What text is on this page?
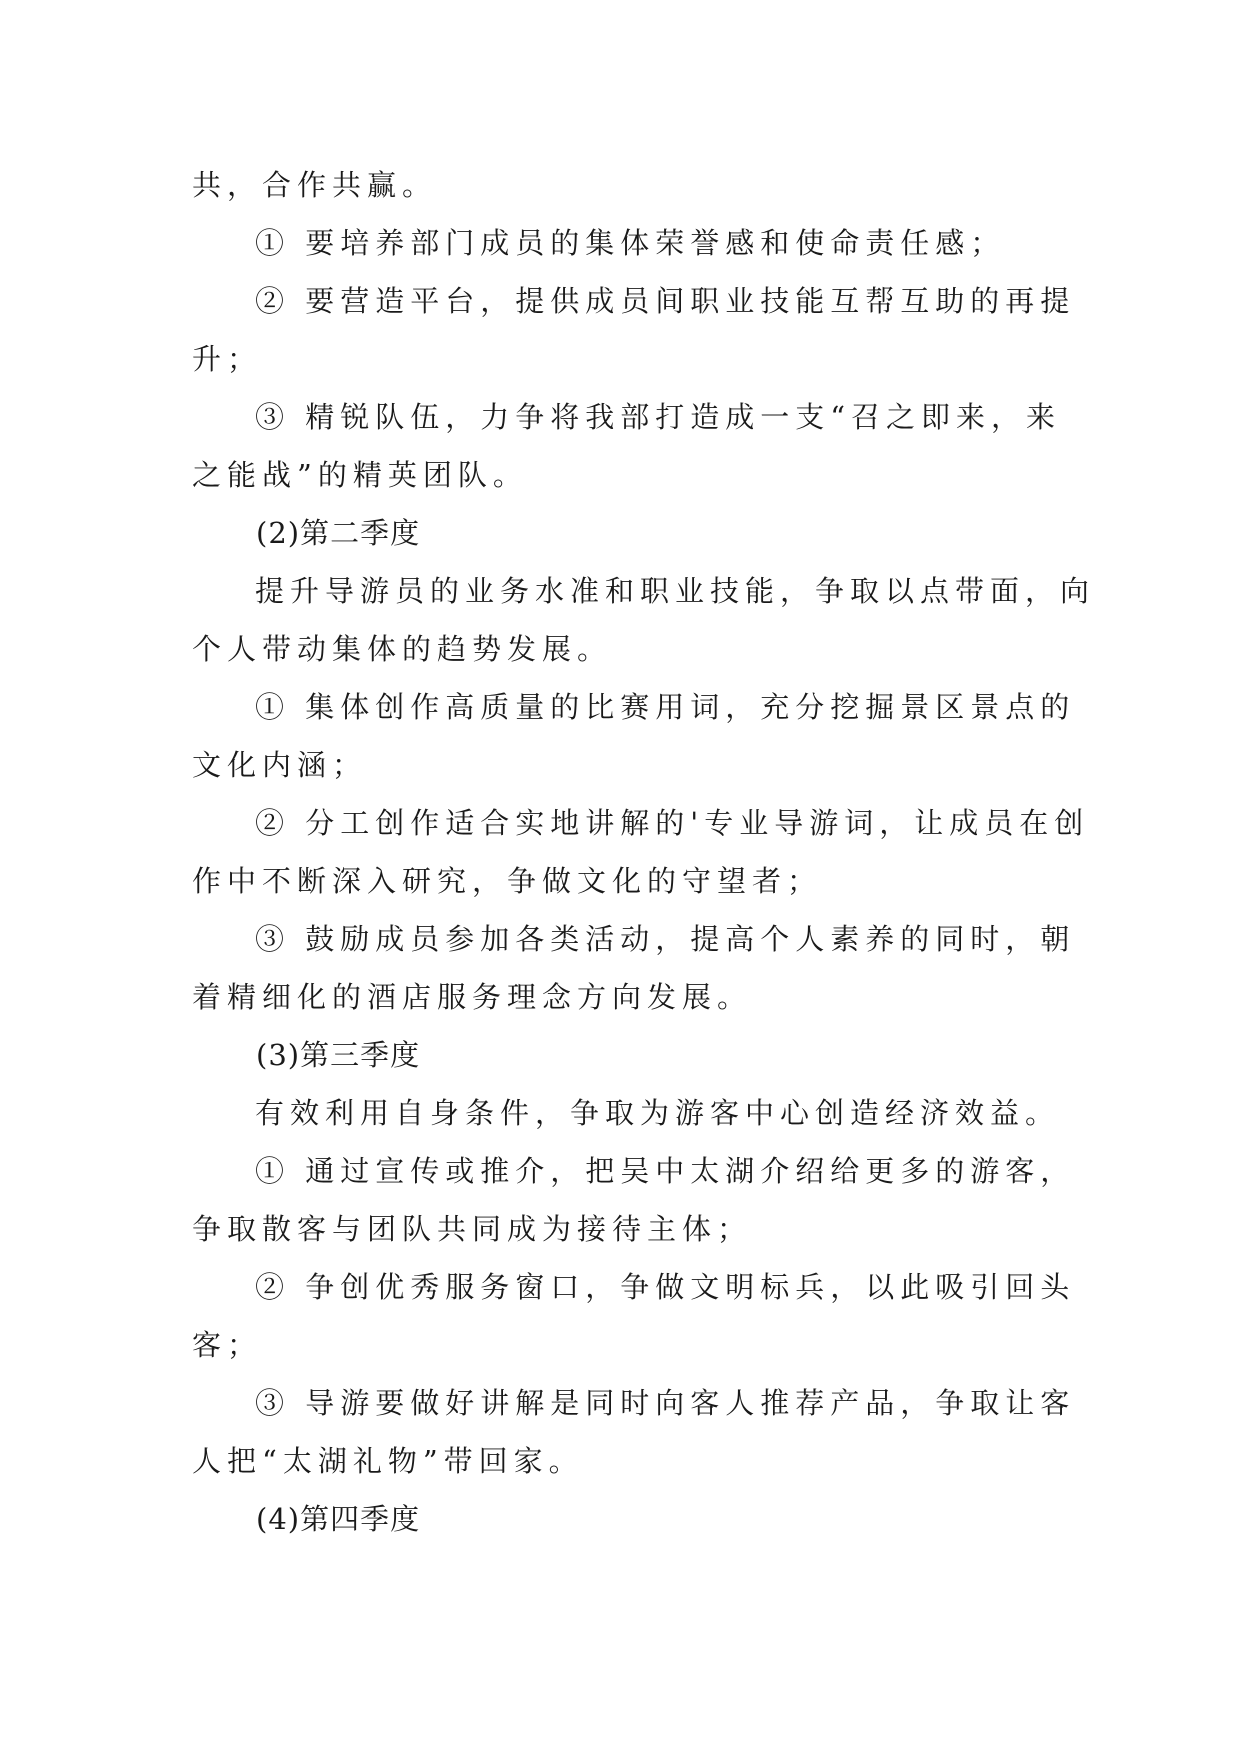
共，合作共赢。
① 要培养部门成员的集体荣誉感和使命责任感；
② 要营造平台，提供成员间职业技能互帮互助的再提
升；
③ 精锐队伍，力争将我部打造成一支“召之即来，来
之能战”的精英团队。
(2)第二季度
提升导游员的业务水准和职业技能，争取以点带面，向
个人带动集体的趋势发展。
① 集体创作高质量的比赛用词，充分挖掘景区景点的
文化内涵；
② 分工创作适合实地讲解的'专业导游词，让成员在创
作中不断深入研究，争做文化的守望者；
③ 鼓励成员参加各类活动，提高个人素养的同时，朝
着精细化的酒店服务理念方向发展。
(3)第三季度
有效利用自身条件，争取为游客中心创造经济效益。
① 通过宣传或推介，把吴中太湖介绍给更多的游客，
争取散客与团队共同成为接待主体；
② 争创优秀服务窗口，争做文明标兵，以此吸引回头
客；
③ 导游要做好讲解是同时向客人推荐产品，争取让客
人把“太湖礼物”带回家。
(4)第四季度
